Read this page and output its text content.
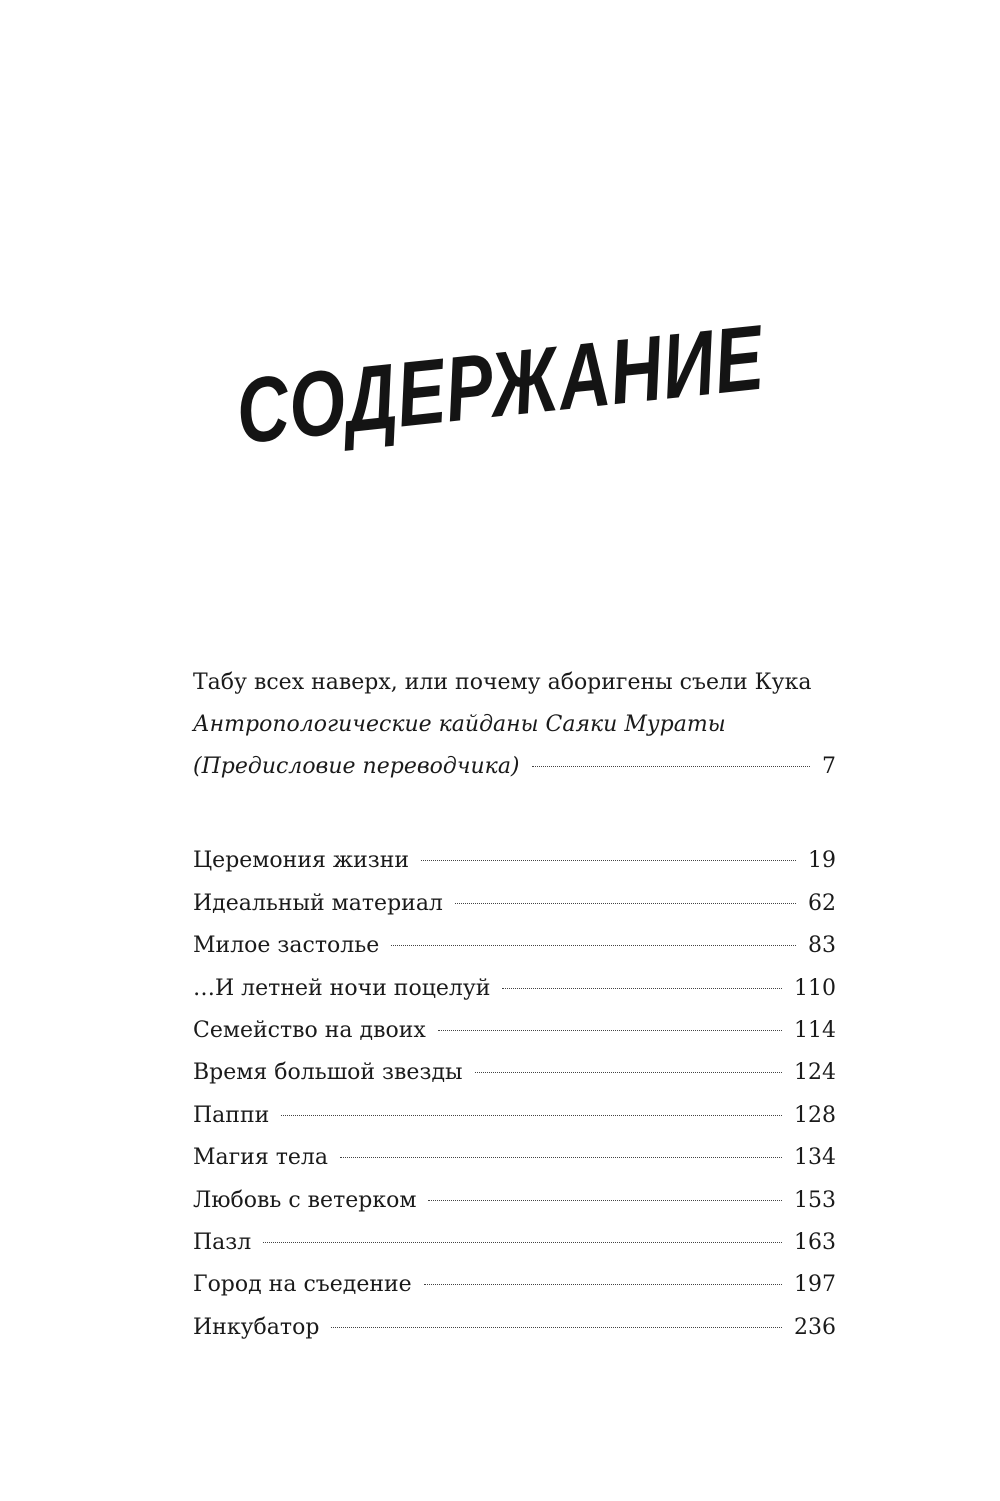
СОДЕРЖАНИЕ
Табу всех наверх, или почему аборигены съели Кука
Антропологические кайданы Саяки Мураты
(Предисловие переводчика)	7
Церемония жизни	19
Идеальный материал	62
Милое застолье	83
…И летней ночи поцелуй	110
Семейство на двоих	114
Время большой звезды	124
Паппи	128
Магия тела	134
Любовь с ветерком	153
Пазл	163
Город на съедение	197
Инкубатор	236
